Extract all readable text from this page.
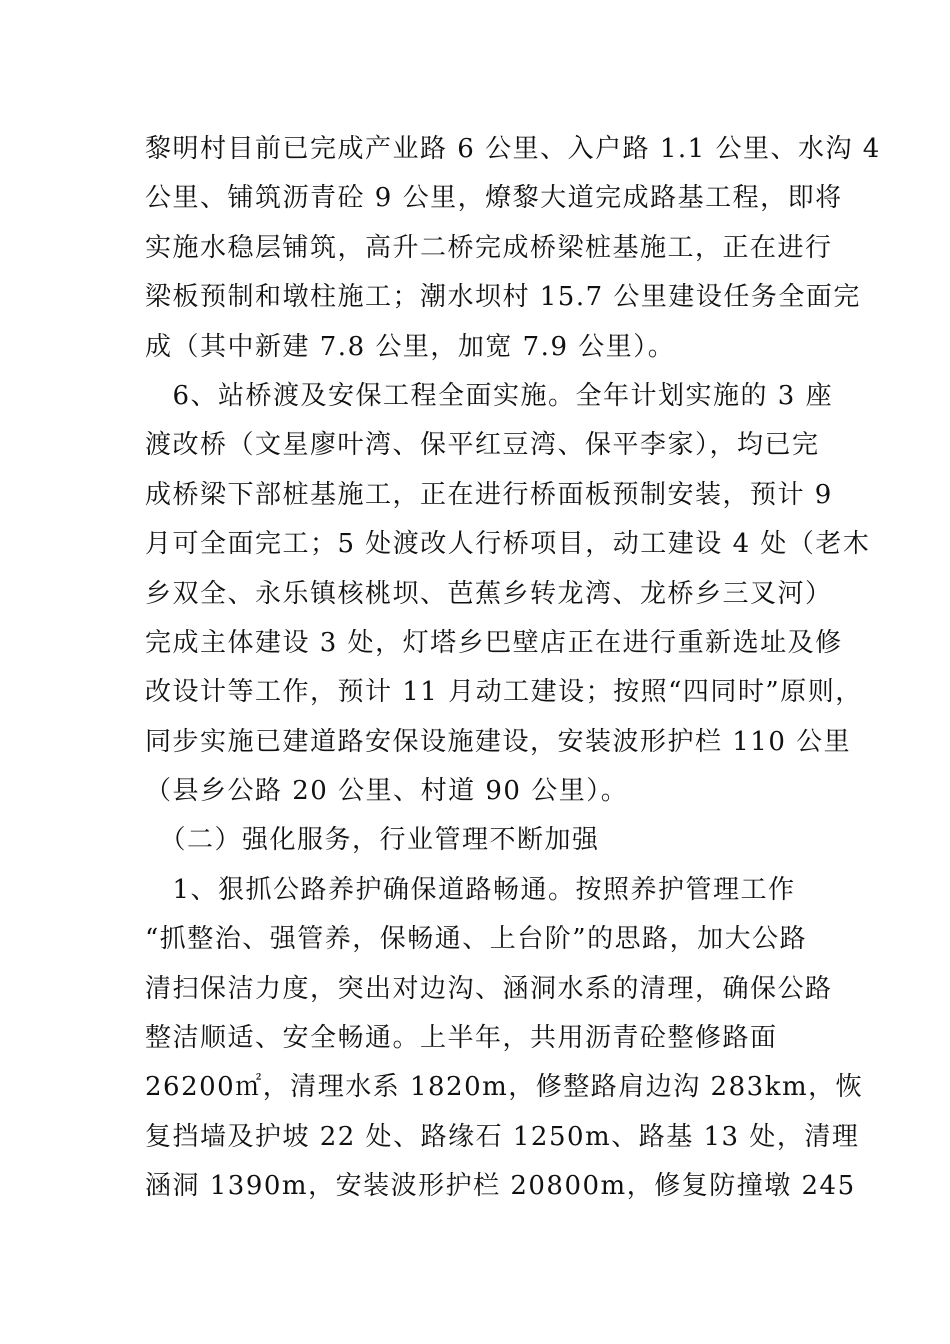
黎明村目前已完成产业路 6 公里、入户路 1.1 公里、水沟 4
公里、铺筑沥青砼 9 公里，燎黎大道完成路基工程，即将
实施水稳层铺筑，高升二桥完成桥梁桩基施工，正在进行
梁板预制和墩柱施工；潮水坝村 15.7 公里建设任务全面完
成（其中新建 7.8 公里，加宽 7.9 公里）。
　6、站桥渡及安保工程全面实施。全年计划实施的 3 座
渡改桥（文星廖叶湾、保平红豆湾、保平李家），均已完
成桥梁下部桩基施工，正在进行桥面板预制安装，预计 9
月可全面完工；5 处渡改人行桥项目，动工建设 4 处（老木
乡双全、永乐镇核桃坝、芭蕉乡转龙湾、龙桥乡三叉河）
完成主体建设 3 处，灯塔乡巴壁店正在进行重新选址及修
改设计等工作，预计 11 月动工建设；按照“四同时”原则，
同步实施已建道路安保设施建设，安装波形护栏 110 公里
（县乡公路 20 公里、村道 90 公里）。
　（二）强化服务，行业管理不断加强
　1、狠抓公路养护确保道路畅通。按照养护管理工作
“抓整治、强管养，保畅通、上台阶”的思路，加大公路
清扫保洁力度，突出对边沟、涵洞水系的清理，确保公路
整洁顺适、安全畅通。上半年，共用沥青砼整修路面
26200㎡，清理水系 1820m，修整路肩边沟 283km，恢
复挡墙及护坡 22 处、路缘石 1250m、路基 13 处，清理
涵洞 1390m，安装波形护栏 20800m，修复防撞墩 245
